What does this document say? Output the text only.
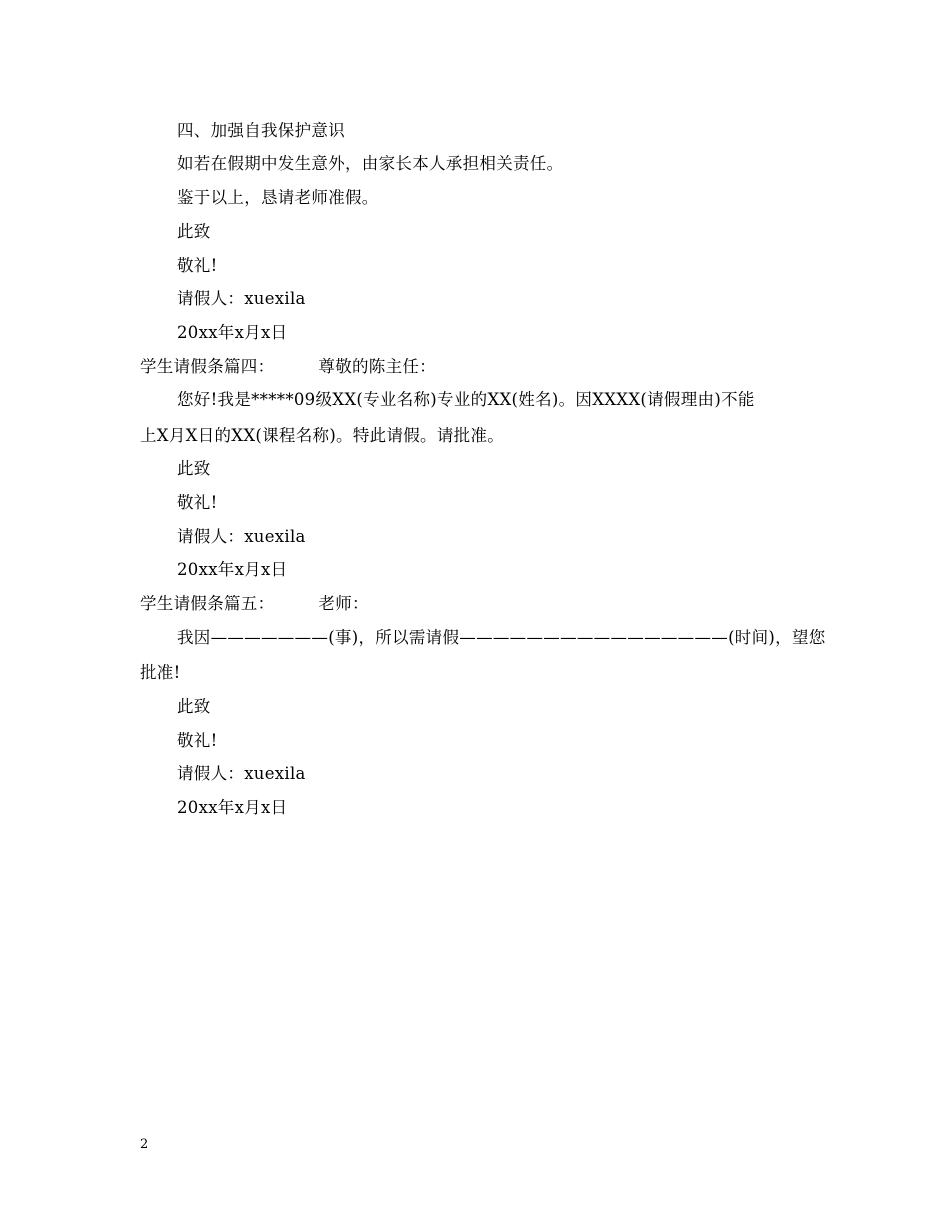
四、加强自我保护意识
如若在假期中发生意外，由家长本人承担相关责任。
鉴于以上，恳请老师准假。
此致
敬礼!
请假人：xuexila
20xx年x月x日
学生请假条篇四：	尊敬的陈主任：
您好!我是*****09级XX(专业名称)专业的XX(姓名)。因XXXX(请假理由)不能
上X月X日的XX(课程名称)。特此请假。请批准。
此致
敬礼!
请假人：xuexila
20xx年x月x日
学生请假条篇五：	老师：
我因———————(事)，所以需请假————————————————(时间)，望您
批准!
此致
敬礼!
请假人：xuexila
20xx年x月x日
2
